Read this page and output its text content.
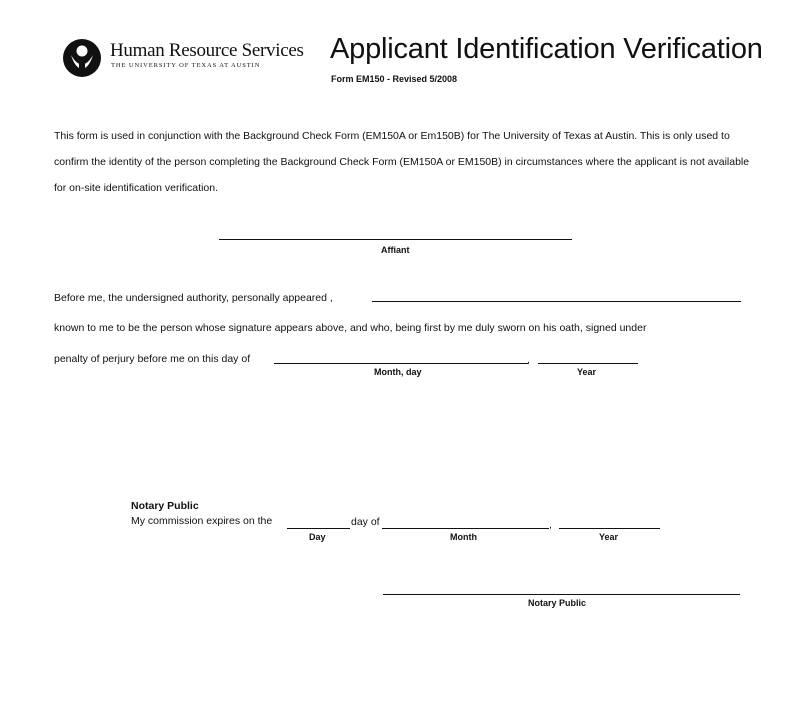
Human Resource Services
THE UNIVERSITY OF TEXAS AT AUSTIN
Applicant Identification Verification
Form EM150 - Revised 5/2008

This form is used in conjunction with the Background Check Form (EM150A or Em150B) for The University of Texas at Austin. This is only used to confirm the identity of the person completing the Background Check Form (EM150A or EM150B) in circumstances where the applicant is not available for on-site identification verification.

Affiant
Before me, the undersigned authority, personally appeared ,
known to me to be the person whose signature appears above, and who, being first by me duly sworn on his oath, signed under
penalty of perjury before me on this day of	,
Month, day	Year
Notary Public
My commission expires on the	day of	,
Day	Month	Year
Notary Public
